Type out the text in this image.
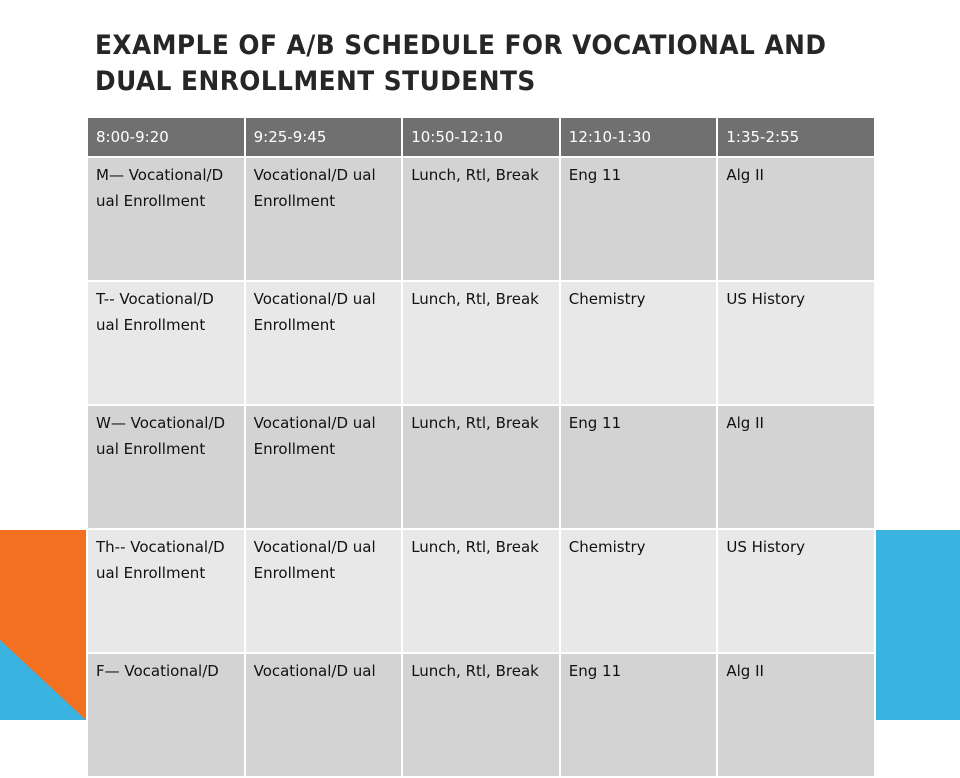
EXAMPLE OF A/B SCHEDULE FOR VOCATIONAL AND DUAL ENROLLMENT STUDENTS
8:00-9:20	9:25-9:45	10:50-12:10	12:10-1:30	1:35-2:55
M— Vocational/D ual Enrollment	Vocational/D ual Enrollment	Lunch, Rtl, Break	Eng 11	Alg II
T-- Vocational/D ual Enrollment	Vocational/D ual Enrollment	Lunch, Rtl, Break	Chemistry	US History
W— Vocational/D ual Enrollment	Vocational/D ual Enrollment	Lunch, Rtl, Break	Eng 11	Alg II
Th-- Vocational/D ual Enrollment	Vocational/D ual Enrollment	Lunch, Rtl, Break	Chemistry	US History
F— Vocational/D	Vocational/D ual	Lunch, Rtl, Break	Eng 11	Alg II
